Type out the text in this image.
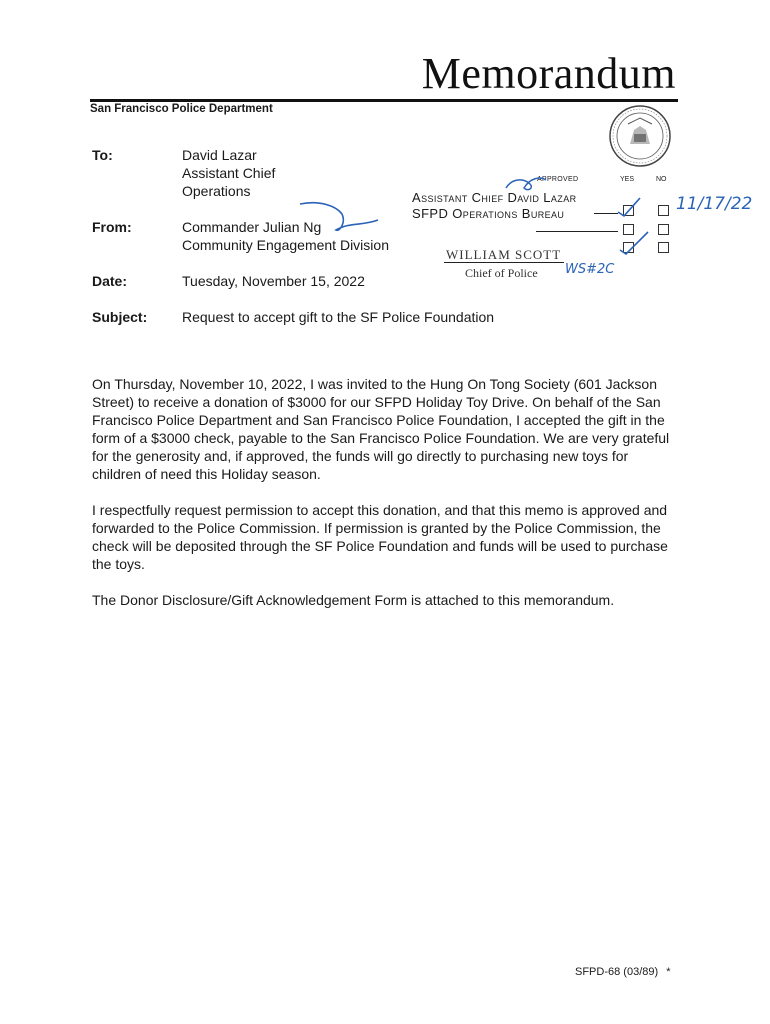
Memorandum
San Francisco Police Department
To:	David Lazar
Assistant Chief
Operations
From:	Commander Julian Ng
Community Engagement Division
Date:	Tuesday, November 15, 2022
Subject: Request to accept gift to the SF Police Foundation
APPROVED	YES	NO
Assistant Chief David Lazar
SFPD Operations Bureau
WILLIAM SCOTT
Chief of Police
11/17/22
WS#2C
On Thursday, November 10, 2022, I was invited to the Hung On Tong Society (601 Jackson Street) to receive a donation of $3000 for our SFPD Holiday Toy Drive. On behalf of the San Francisco Police Department and San Francisco Police Foundation, I accepted the gift in the form of a $3000 check, payable to the San Francisco Police Foundation. We are very grateful for the generosity and, if approved, the funds will go directly to purchasing new toys for children of need this Holiday season.
I respectfully request permission to accept this donation, and that this memo is approved and forwarded to the Police Commission. If permission is granted by the Police Commission, the check will be deposited through the SF Police Foundation and funds will be used to purchase the toys.
The Donor Disclosure/Gift Acknowledgement Form is attached to this memorandum.
SFPD-68 (03/89) *
